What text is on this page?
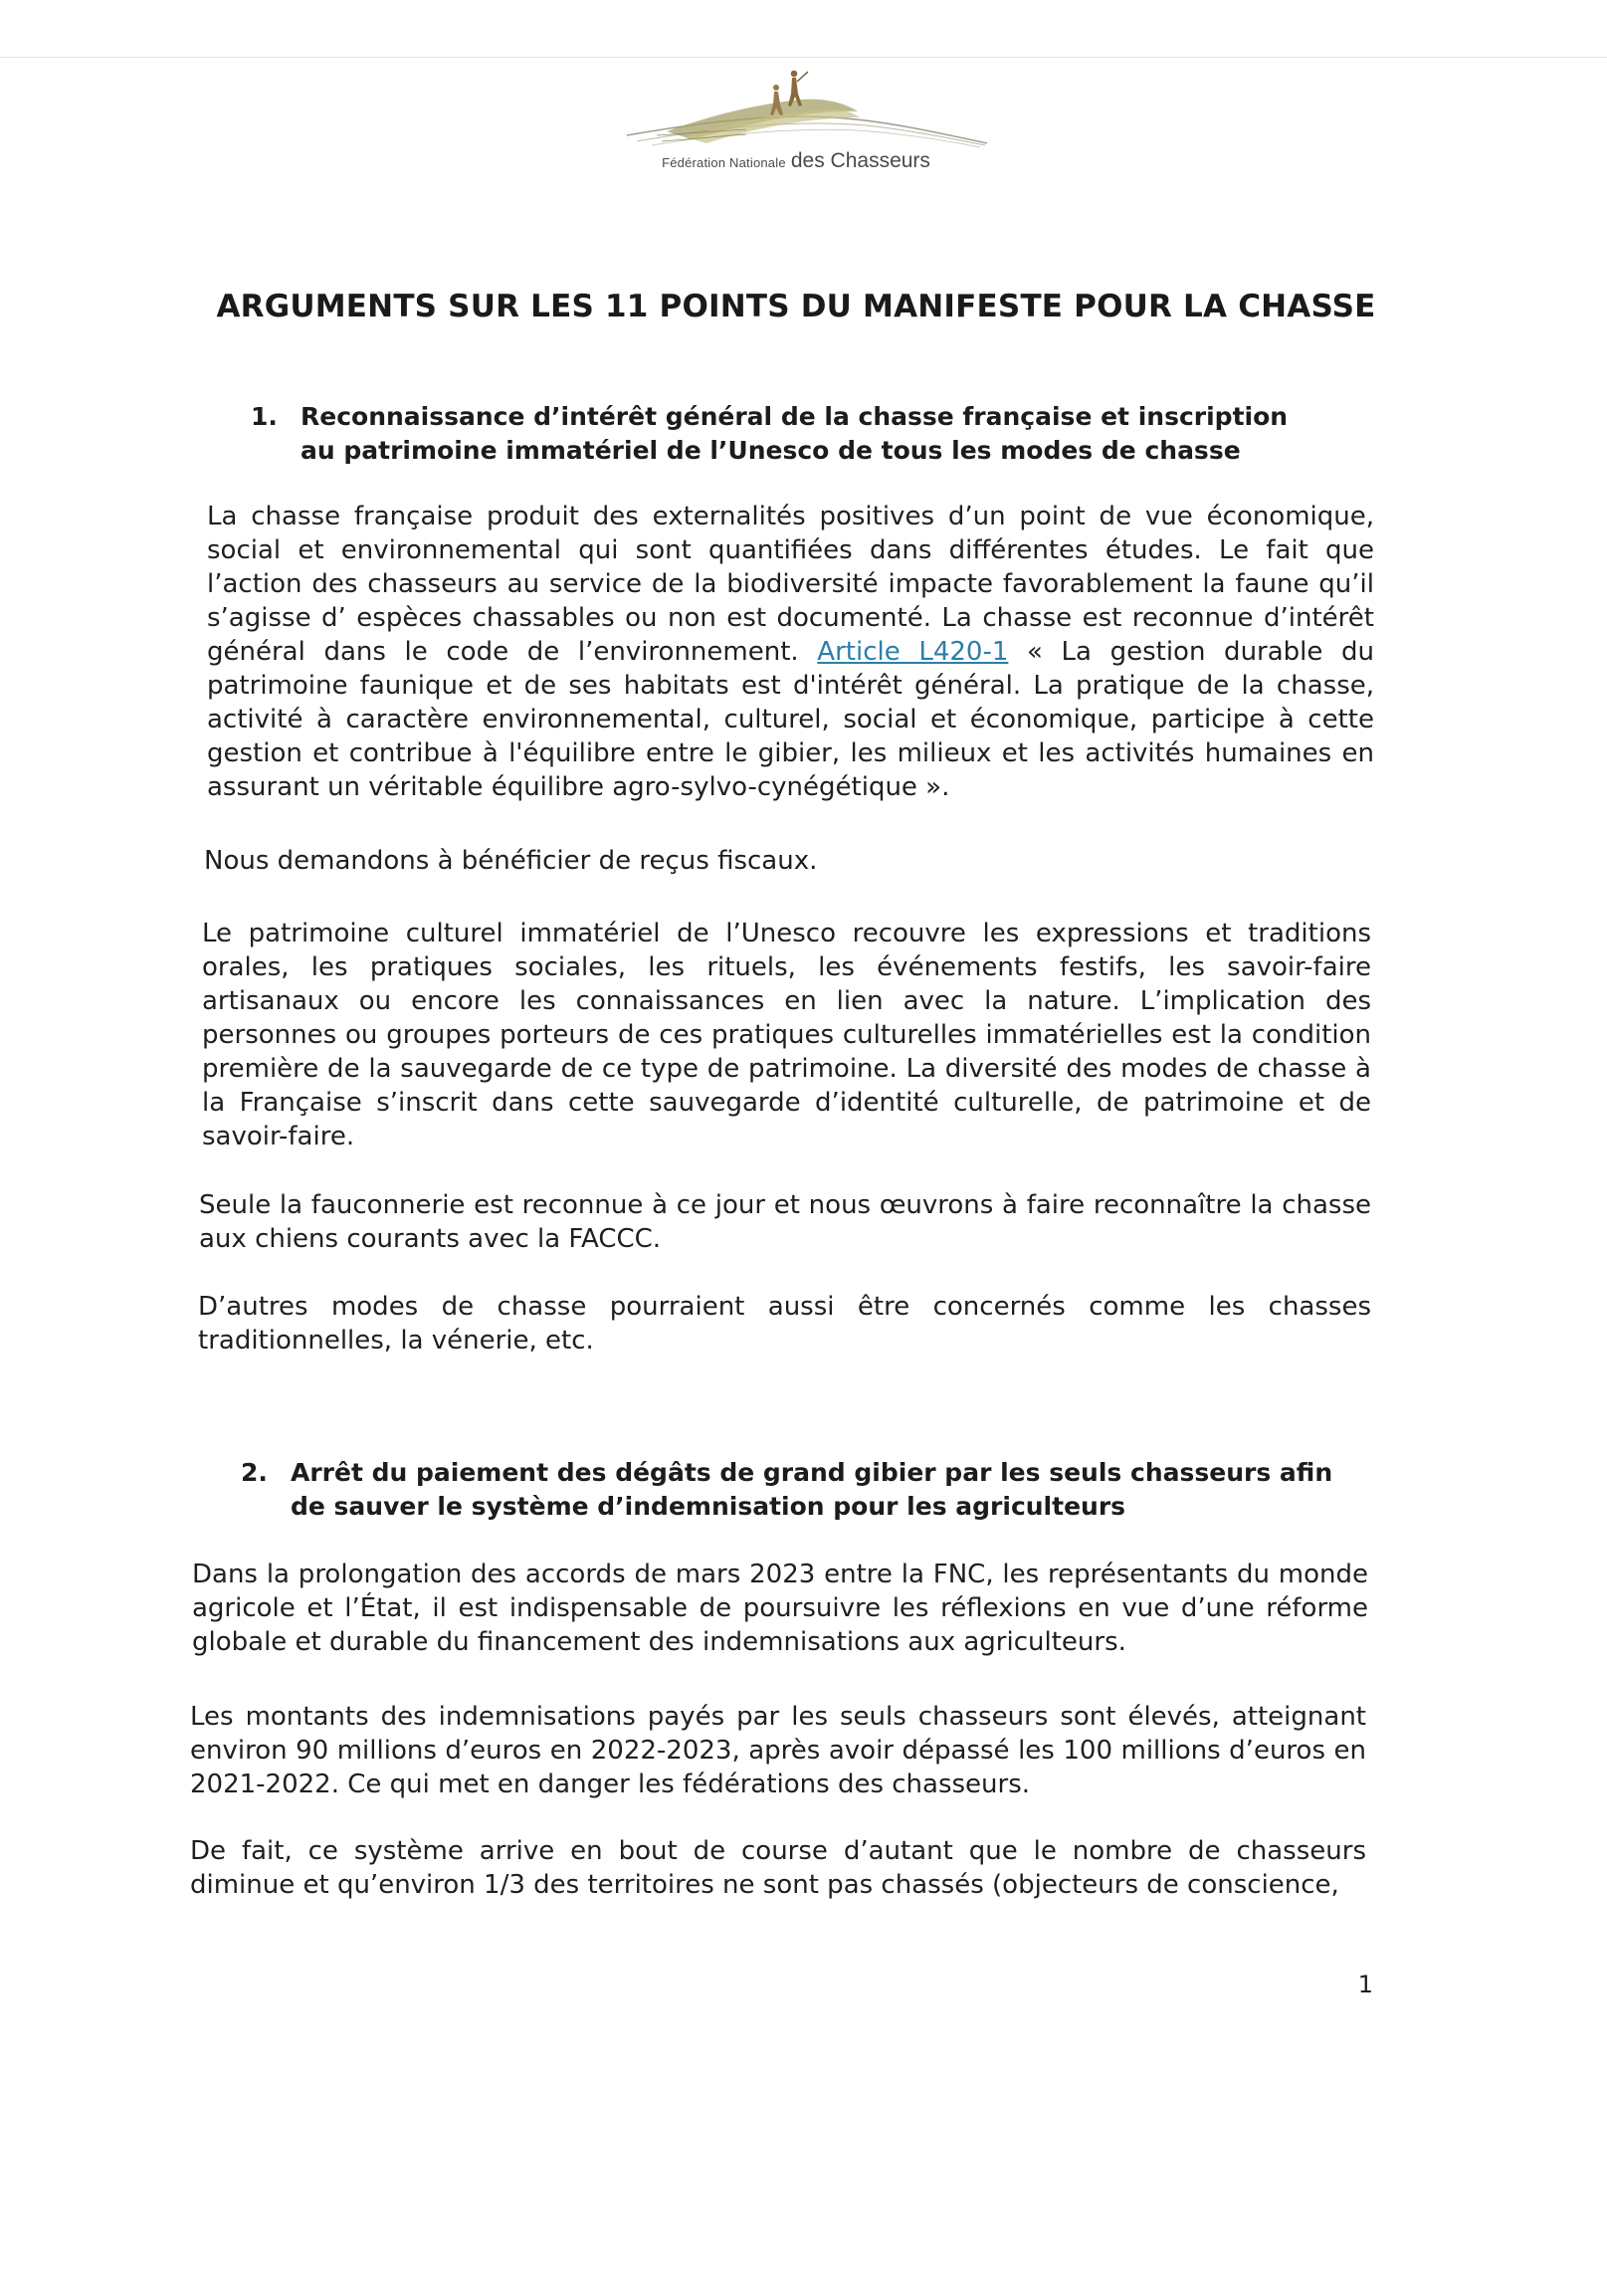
Fédération Nationale des Chasseurs
ARGUMENTS SUR LES 11 POINTS DU MANIFESTE POUR LA CHASSE
1. Reconnaissance d’intérêt général de la chasse française et inscription au patrimoine immatériel de l’Unesco de tous les modes de chasse

La chasse française produit des externalités positives d’un point de vue économique, social et environnemental qui sont quantifiées dans différentes études. Le fait que l’action des chasseurs au service de la biodiversité impacte favorablement la faune qu’il s’agisse d’ espèces chassables ou non est documenté. La chasse est reconnue d’intérêt général dans le code de l’environnement. Article L420-1 « La gestion durable du patrimoine faunique et de ses habitats est d'intérêt général. La pratique de la chasse, activité à caractère environnemental, culturel, social et économique, participe à cette gestion et contribue à l'équilibre entre le gibier, les milieux et les activités humaines en assurant un véritable équilibre agro-sylvo-cynégétique ».

Nous demandons à bénéficier de reçus fiscaux.

Le patrimoine culturel immatériel de l’Unesco recouvre les expressions et traditions orales, les pratiques sociales, les rituels, les événements festifs, les savoir-faire artisanaux ou encore les connaissances en lien avec la nature. L’implication des personnes ou groupes porteurs de ces pratiques culturelles immatérielles est la condition première de la sauvegarde de ce type de patrimoine. La diversité des modes de chasse à la Française s’inscrit dans cette sauvegarde d’identité culturelle, de patrimoine et de savoir-faire.

Seule la fauconnerie est reconnue à ce jour et nous œuvrons à faire reconnaître la chasse aux chiens courants avec la FACCC.

D’autres modes de chasse pourraient aussi être concernés comme les chasses traditionnelles, la vénerie, etc.

2. Arrêt du paiement des dégâts de grand gibier par les seuls chasseurs afin de sauver le système d’indemnisation pour les agriculteurs

Dans la prolongation des accords de mars 2023 entre la FNC, les représentants du monde agricole et l’État, il est indispensable de poursuivre les réflexions en vue d’une réforme globale et durable du financement des indemnisations aux agriculteurs.

Les montants des indemnisations payés par les seuls chasseurs sont élevés, atteignant environ 90 millions d’euros en 2022-2023, après avoir dépassé les 100 millions d’euros en 2021-2022. Ce qui met en danger les fédérations des chasseurs.

De fait, ce système arrive en bout de course d’autant que le nombre de chasseurs diminue et qu’environ 1/3 des territoires ne sont pas chassés (objecteurs de conscience,

1
